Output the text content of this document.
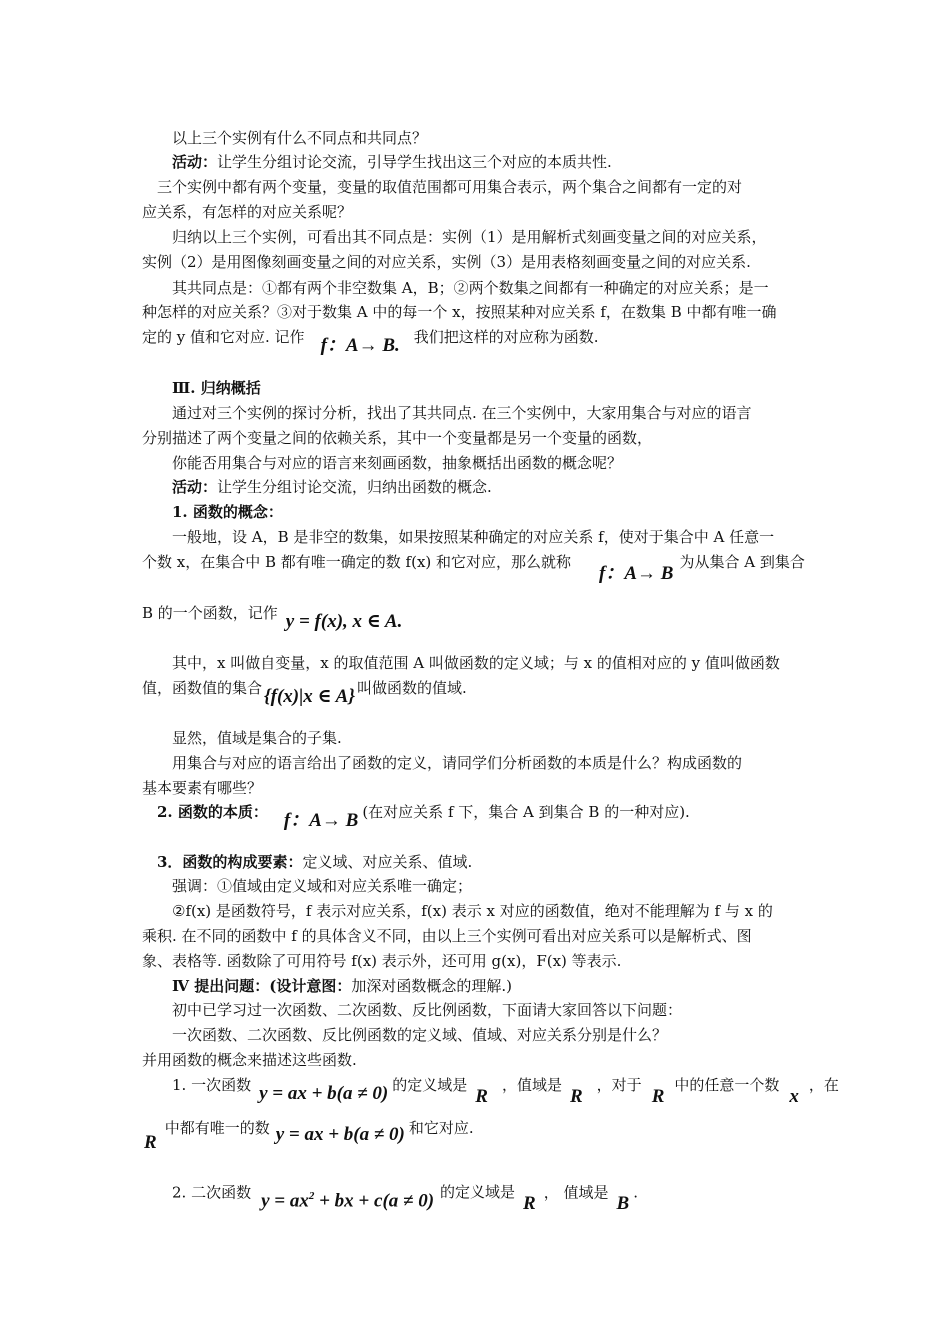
以上三个实例有什么不同点和共同点？
活动：让学生分组讨论交流，引导学生找出这三个对应的本质共性.
三个实例中都有两个变量，变量的取值范围都可用集合表示，两个集合之间都有一定的对
应关系，有怎样的对应关系呢？
归纳以上三个实例，可看出其不同点是：实例（1）是用解析式刻画变量之间的对应关系，
实例（2）是用图像刻画变量之间的对应关系，实例（3）是用表格刻画变量之间的对应关系.
其共同点是：①都有两个非空数集 A，B；②两个数集之间都有一种确定的对应关系；是一
种怎样的对应关系？③对于数集 A 中的每一个 x，按照某种对应关系 f，在数集 B 中都有唯一确
定的 y 值和它对应. 记作 f：A→ B. 我们把这样的对应称为函数.
Ⅲ. 归纳概括
通过对三个实例的探讨分析，找出了其共同点. 在三个实例中，大家用集合与对应的语言
分别描述了两个变量之间的依赖关系，其中一个变量都是另一个变量的函数，
你能否用集合与对应的语言来刻画函数，抽象概括出函数的概念呢？
活动：让学生分组讨论交流，归纳出函数的概念.
1. 函数的概念：
一般地，设 A，B 是非空的数集，如果按照某种确定的对应关系 f，使对于集合中 A 任意一
个数 x，在集合中 B 都有唯一确定的数 f(x) 和它对应，那么就称f：A→ B为从集合 A 到集合
B 的一个函数，记作 y = f(x), x ∈ A.
其中，x 叫做自变量，x 的取值范围 A 叫做函数的定义域；与 x 的值相对应的 y 值叫做函数
值，函数值的集合 {f(x)|x ∈ A} 叫做函数的值域.
显然，值域是集合的子集.
用集合与对应的语言给出了函数的定义，请同学们分析函数的本质是什么？构成函数的
基本要素有哪些？
2. 函数的本质： f：A→ B (在对应关系 f 下，集合 A 到集合 B 的一种对应).
3．函数的构成要素：定义域、对应关系、值域.
强调：①值域由定义域和对应关系唯一确定；
②f(x) 是函数符号，f 表示对应关系，f(x) 表示 x 对应的函数值，绝对不能理解为 f 与 x 的
乘积. 在不同的函数中 f 的具体含义不同，由以上三个实例可看出对应关系可以是解析式、图
象、表格等. 函数除了可用符号 f(x) 表示外，还可用 g(x)，F(x) 等表示.
Ⅳ 提出问题：(设计意图：加深对函数概念的理解.)
初中已学习过一次函数、二次函数、反比例函数，下面请大家回答以下问题：
一次函数、二次函数、反比例函数的定义域、值域、对应关系分别是什么？
并用函数的概念来描述这些函数.
1. 一次函数 y = ax + b(a ≠ 0) 的定义域是R，值域是R，对于R中的任意一个数x，在
R中都有唯一的数 y = ax + b(a ≠ 0) 和它对应.
2. 二次函数 $y = ax^2$ + bx + c(a ≠ 0) 的定义域是R， 值域是B.
